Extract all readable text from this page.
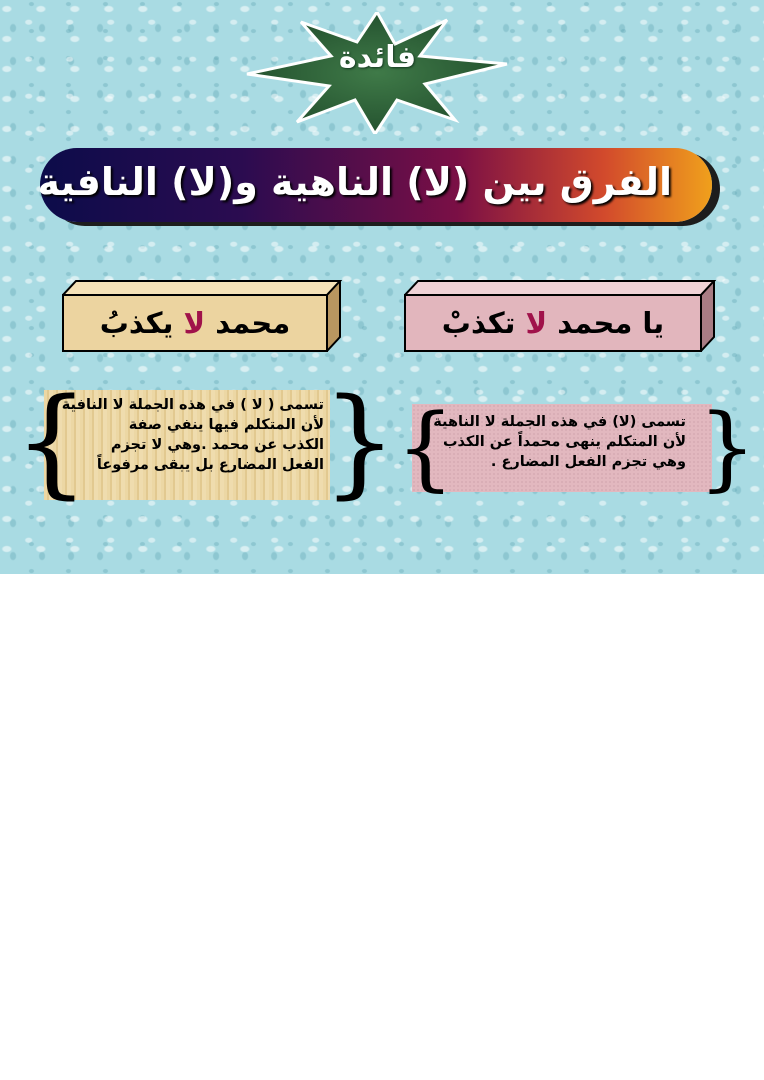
فائدة
الفرق بين (لا) الناهية و(لا) النافية
محمد لا يكذبُ	يا محمد لا تكذبْ
{ }
تسمى ( لا ) في هذه الجملة لا النافية
لأن المتكلم فيها ينفي صفة
الكذب عن محمد .وهي لا تجزم
الفعل المضارع بل يبقى مرفوعاً {	}
تسمى (لا) في هذه الجملة لا الناهية
لأن المتكلم ينهى محمداً عن الكذب
وهي تجزم الفعل المضارع .
